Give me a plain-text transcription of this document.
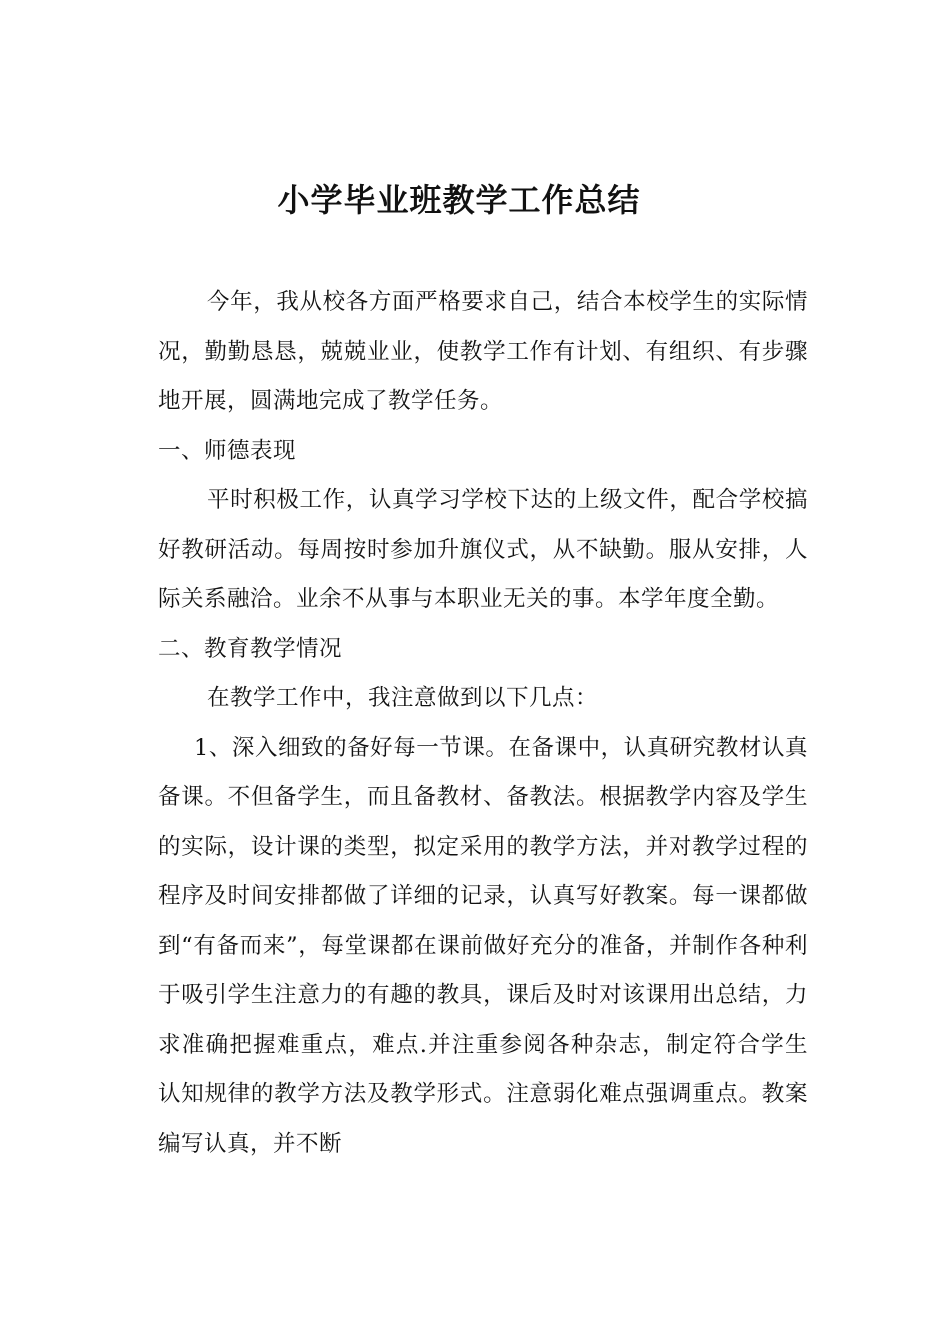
小学毕业班教学工作总结

今年，我从校各方面严格要求自己，结合本校学生的实际情况，勤勤恳恳，兢兢业业，使教学工作有计划、有组织、有步骤地开展，圆满地完成了教学任务。

一、师德表现

平时积极工作，认真学习学校下达的上级文件，配合学校搞好教研活动。每周按时参加升旗仪式，从不缺勤。服从安排，人际关系融洽。业余不从事与本职业无关的事。本学年度全勤。

二、教育教学情况

在教学工作中，我注意做到以下几点：

1、深入细致的备好每一节课。在备课中，认真研究教材认真备课。不但备学生，而且备教材、备教法。根据教学内容及学生的实际，设计课的类型，拟定采用的教学方法，并对教学过程的程序及时间安排都做了详细的记录，认真写好教案。每一课都做到“有备而来”，每堂课都在课前做好充分的准备，并制作各种利于吸引学生注意力的有趣的教具，课后及时对该课用出总结，力求准确把握难重点，难点.并注重参阅各种杂志，制定符合学生认知规律的教学方法及教学形式。注意弱化难点强调重点。教案编写认真，并不断
